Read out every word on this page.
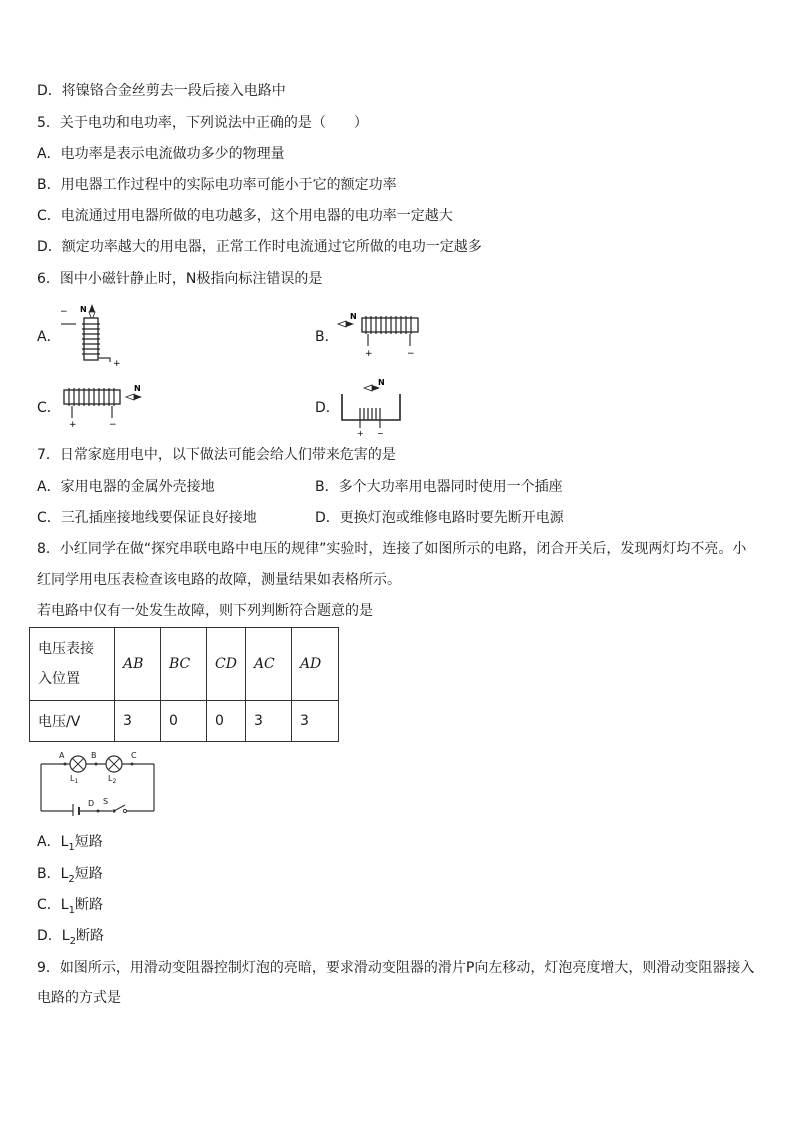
D．将镍铬合金丝剪去一段后接入电路中
5．关于电功和电功率，下列说法中正确的是（　　）
A．电功率是表示电流做功多少的物理量
B．用电器工作过程中的实际电功率可能小于它的额定功率
C．电流通过用电器所做的电功越多，这个用电器的电功率一定越大
D．额定功率越大的用电器，正常工作时电流通过它所做的电功一定越多
6．图中小磁针静止时，N极指向标注错误的是
A．
− N
+
B．
N
+	−
C．
N
+	−
D．
N
+ −
7．日常家庭用电中，以下做法可能会给人们带来危害的是
A．家用电器的金属外壳接地	B．多个大功率用电器同时使用一个插座
C．三孔插座接地线要保证良好接地	D．更换灯泡或维修电路时要先断开电源
8．小红同学在做“探究串联电路中电压的规律”实验时，连接了如图所示的电路，闭合开关后，发现两灯均不亮。小
红同学用电压表检查该电路的故障，测量结果如表格所示。
若电路中仅有一处发生故障，则下列判断符合题意的是
电压表接
入位置	AB	BC	CD	AC	AD
电压/V	3	0	0	3	3
A	B	C
D S
$L_1$	$L_2$
A．$L_1$短路
B．$L_2$短路
C．$L_1$断路
D．$L_2$断路
9．如图所示，用滑动变阻器控制灯泡的亮暗，要求滑动变阻器的滑片P向左移动，灯泡亮度增大，则滑动变阻器接入
电路的方式是
